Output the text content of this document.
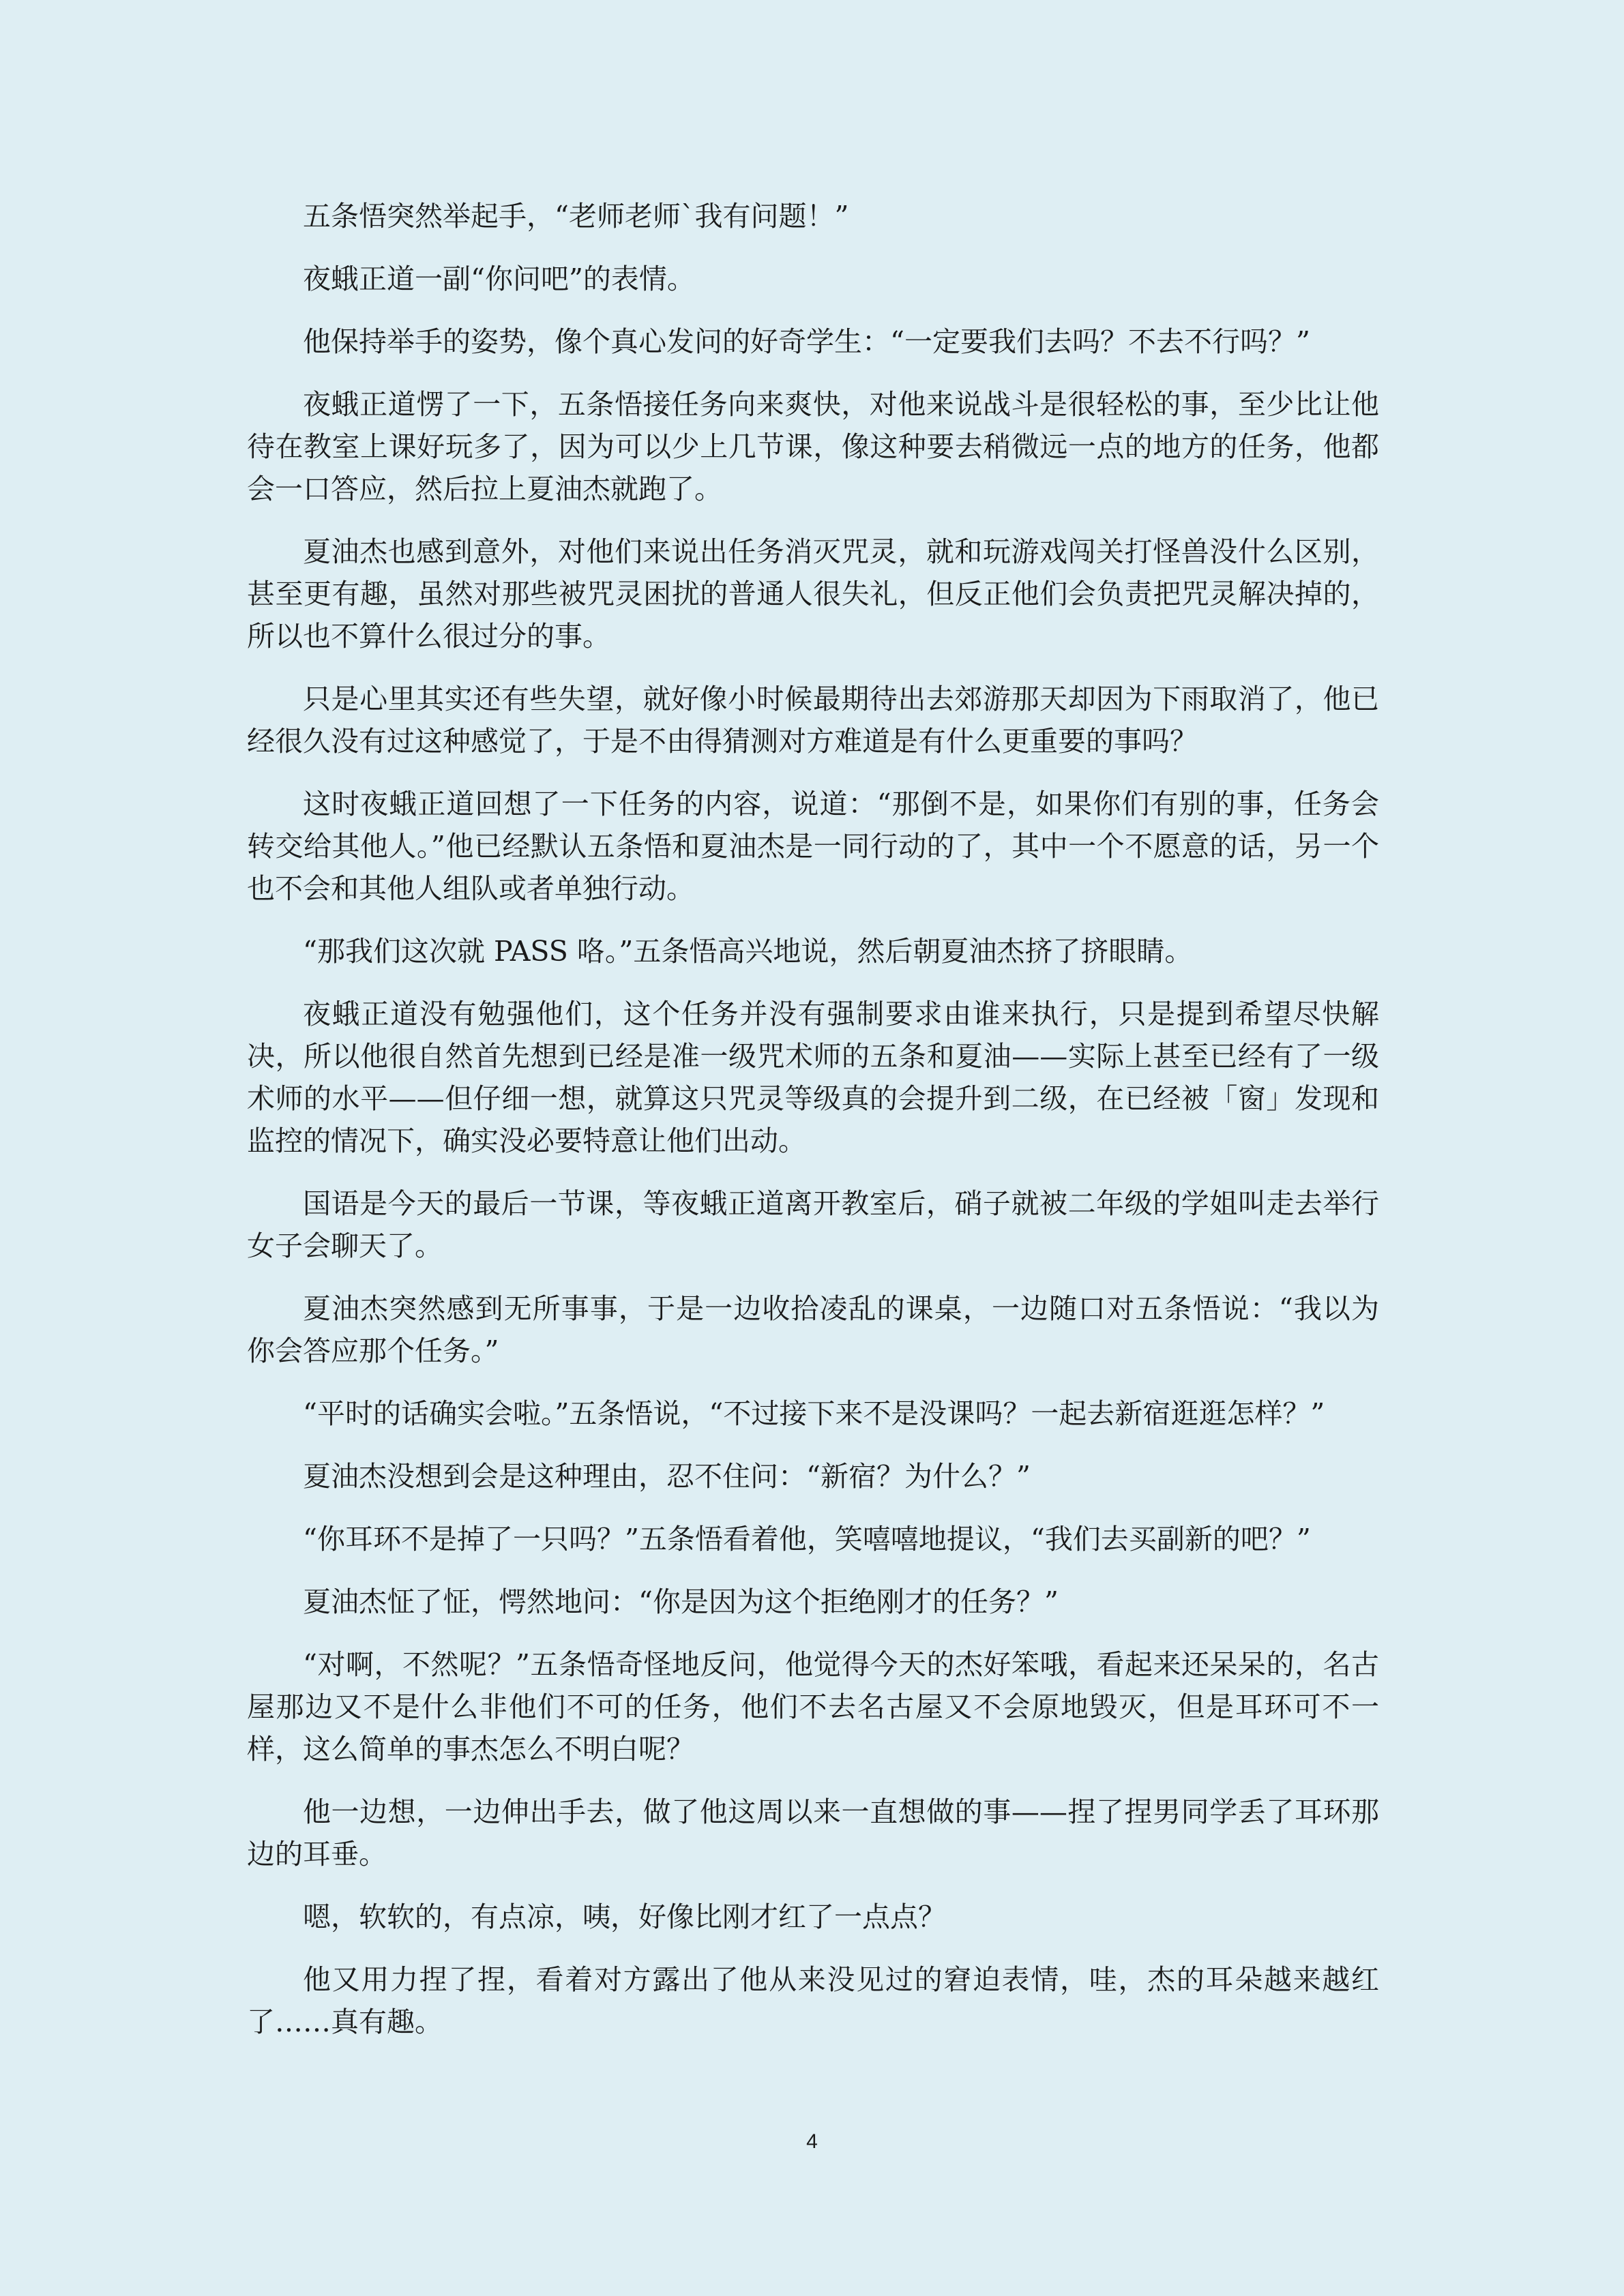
五条悟突然举起手，“老师老师`我有问题！”

夜蛾正道一副“你问吧”的表情。

他保持举手的姿势，像个真心发问的好奇学生：“一定要我们去吗？不去不行吗？”

夜蛾正道愣了一下，五条悟接任务向来爽快，对他来说战斗是很轻松的事，至少比让他待在教室上课好玩多了，因为可以少上几节课，像这种要去稍微远一点的地方的任务，他都会一口答应，然后拉上夏油杰就跑了。

夏油杰也感到意外，对他们来说出任务消灭咒灵，就和玩游戏闯关打怪兽没什么区别，甚至更有趣，虽然对那些被咒灵困扰的普通人很失礼，但反正他们会负责把咒灵解决掉的，所以也不算什么很过分的事。

只是心里其实还有些失望，就好像小时候最期待出去郊游那天却因为下雨取消了，他已经很久没有过这种感觉了，于是不由得猜测对方难道是有什么更重要的事吗？

这时夜蛾正道回想了一下任务的内容，说道：“那倒不是，如果你们有别的事，任务会转交给其他人。”他已经默认五条悟和夏油杰是一同行动的了，其中一个不愿意的话，另一个也不会和其他人组队或者单独行动。

“那我们这次就 PASS 咯。”五条悟高兴地说，然后朝夏油杰挤了挤眼睛。

夜蛾正道没有勉强他们，这个任务并没有强制要求由谁来执行，只是提到希望尽快解决，所以他很自然首先想到已经是准一级咒术师的五条和夏油——实际上甚至已经有了一级术师的水平——但仔细一想，就算这只咒灵等级真的会提升到二级，在已经被「窗」发现和监控的情况下，确实没必要特意让他们出动。

国语是今天的最后一节课，等夜蛾正道离开教室后，硝子就被二年级的学姐叫走去举行女子会聊天了。

夏油杰突然感到无所事事，于是一边收拾凌乱的课桌，一边随口对五条悟说：“我以为你会答应那个任务。”

“平时的话确实会啦。”五条悟说，“不过接下来不是没课吗？一起去新宿逛逛怎样？”

夏油杰没想到会是这种理由，忍不住问：“新宿？为什么？”

“你耳环不是掉了一只吗？”五条悟看着他，笑嘻嘻地提议，“我们去买副新的吧？”

夏油杰怔了怔，愕然地问：“你是因为这个拒绝刚才的任务？”

“对啊，不然呢？”五条悟奇怪地反问，他觉得今天的杰好笨哦，看起来还呆呆的，名古屋那边又不是什么非他们不可的任务，他们不去名古屋又不会原地毁灭，但是耳环可不一样，这么简单的事杰怎么不明白呢？

他一边想，一边伸出手去，做了他这周以来一直想做的事——捏了捏男同学丢了耳环那边的耳垂。

嗯，软软的，有点凉，咦，好像比刚才红了一点点？

他又用力捏了捏，看着对方露出了他从来没见过的窘迫表情，哇，杰的耳朵越来越红了……真有趣。

4
